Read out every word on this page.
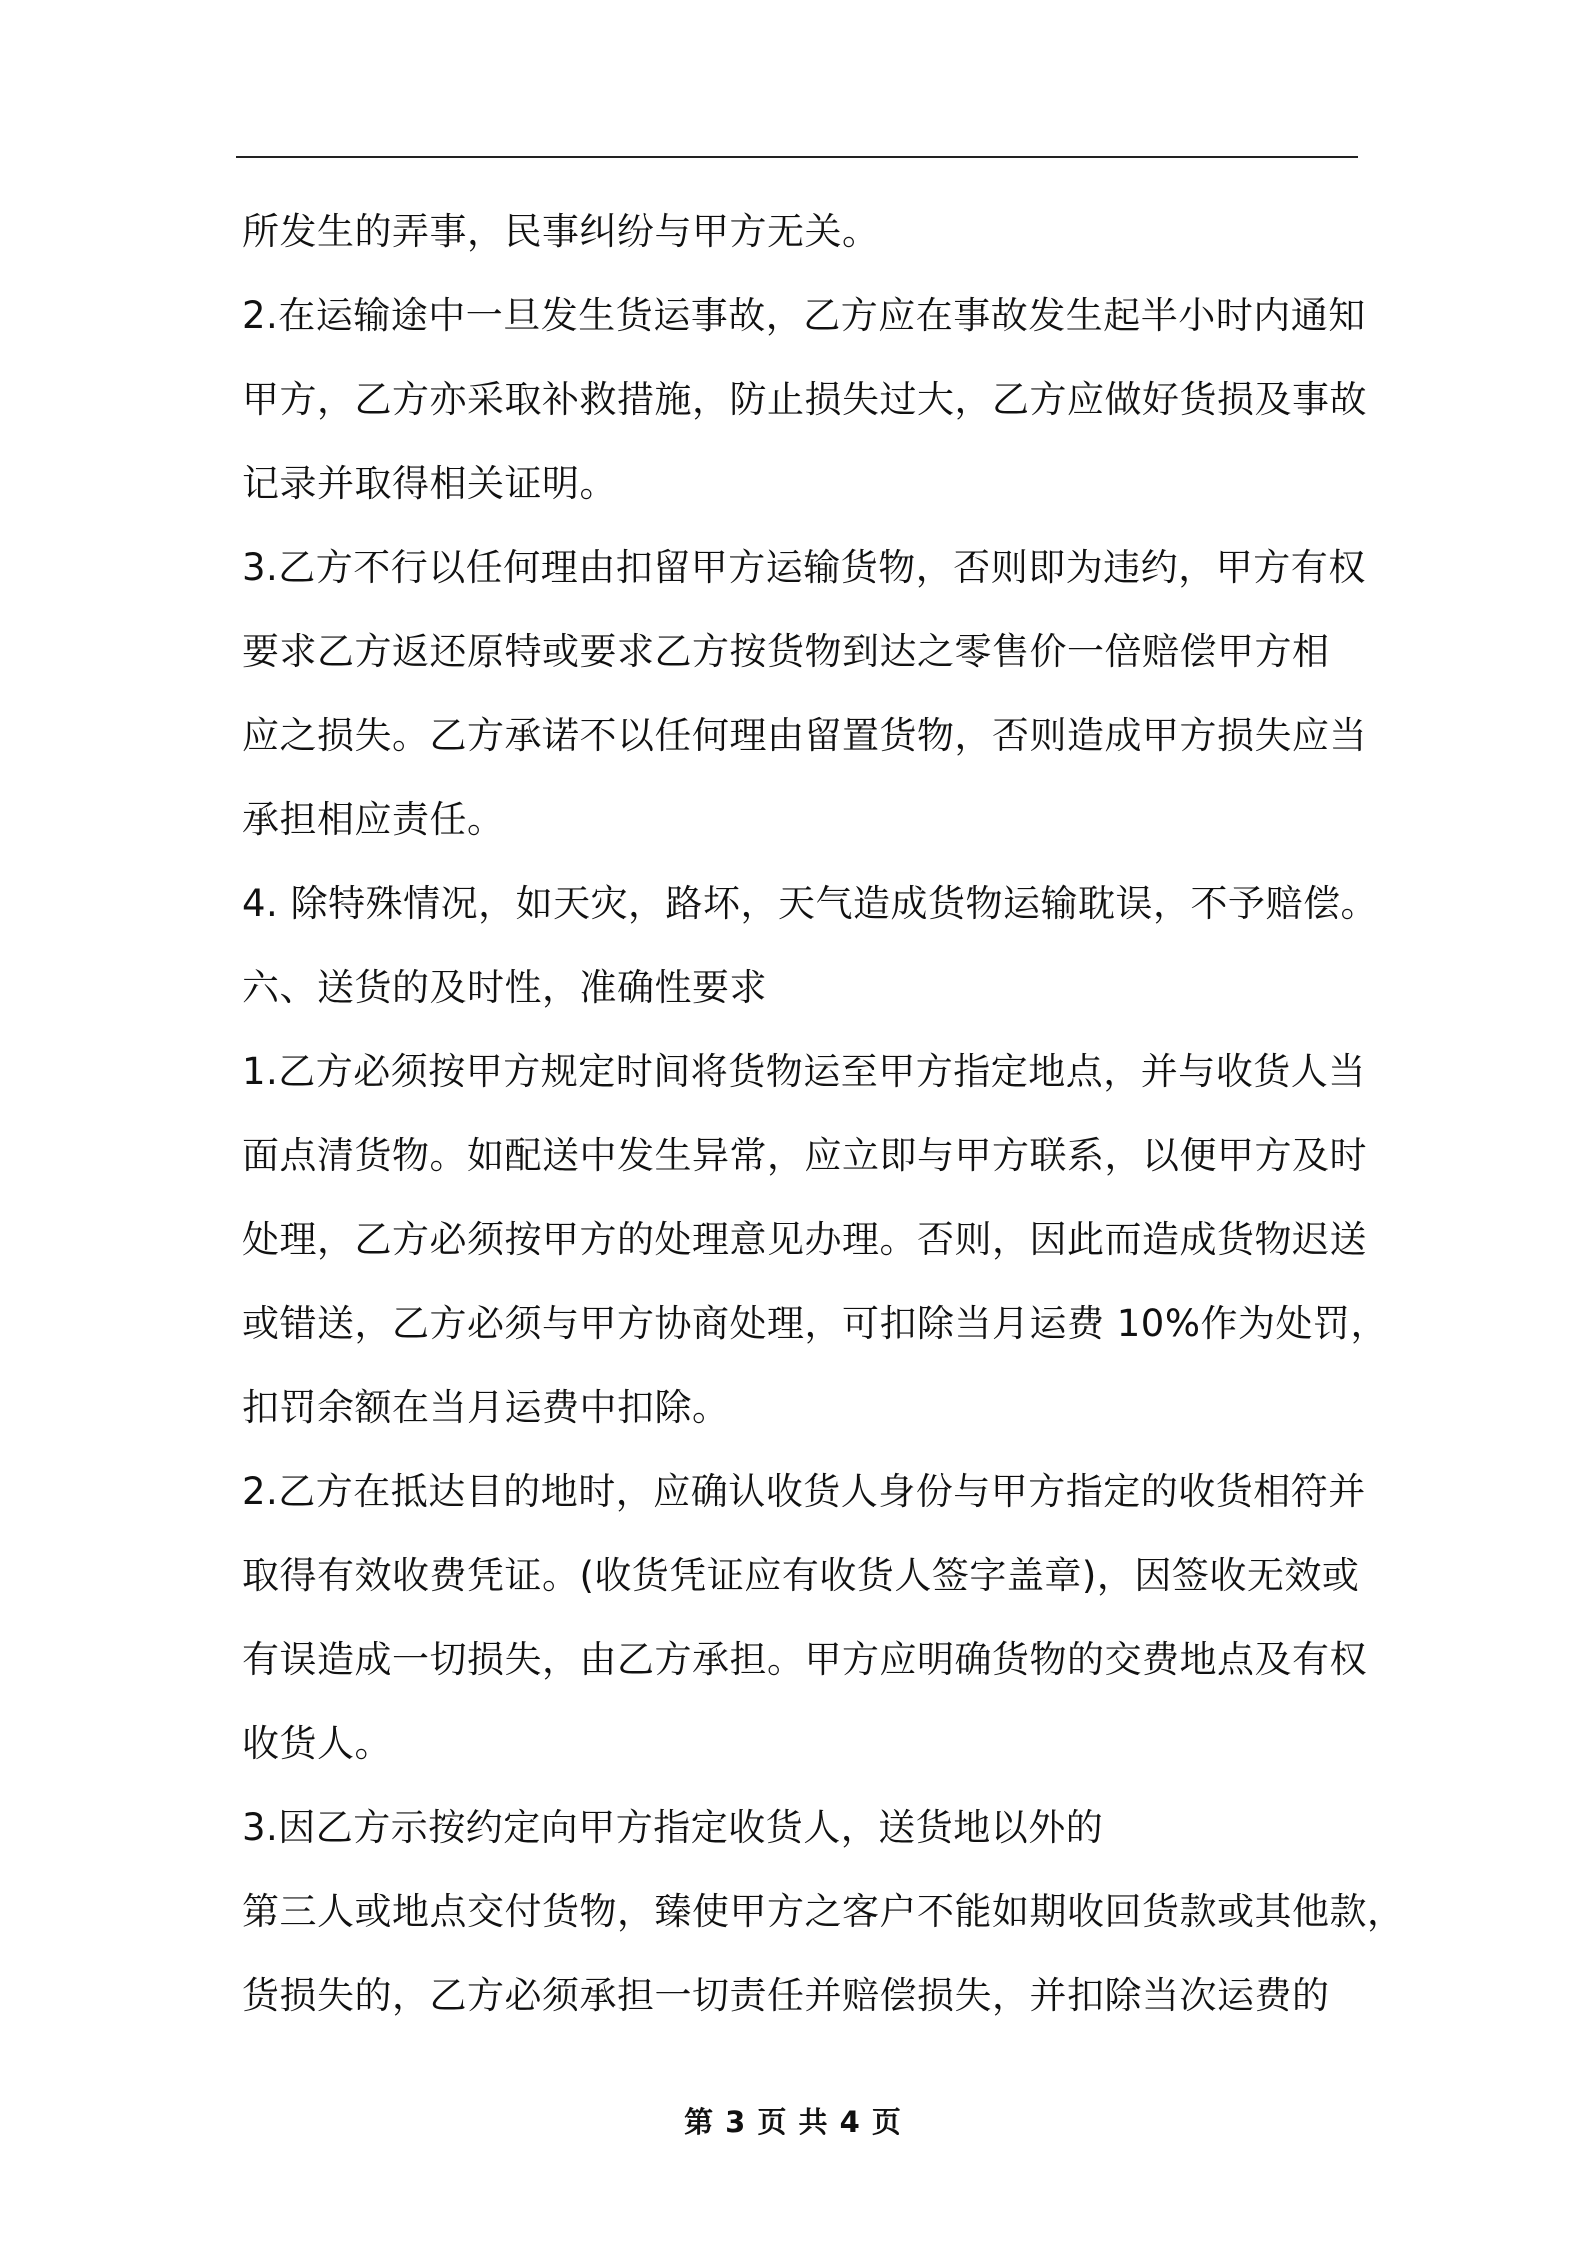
所发生的弄事，民事纠纷与甲方无关。
2.在运输途中一旦发生货运事故，乙方应在事故发生起半小时内通知
甲方，乙方亦采取补救措施，防止损失过大，乙方应做好货损及事故
记录并取得相关证明。
3.乙方不行以任何理由扣留甲方运输货物，否则即为违约，甲方有权
要求乙方返还原特或要求乙方按货物到达之零售价一倍赔偿甲方相
应之损失。乙方承诺不以任何理由留置货物，否则造成甲方损失应当
承担相应责任。
4. 除特殊情况，如天灾，路坏，天气造成货物运输耽误，不予赔偿。
六、送货的及时性，准确性要求
1.乙方必须按甲方规定时间将货物运至甲方指定地点，并与收货人当
面点清货物。如配送中发生异常，应立即与甲方联系，以便甲方及时
处理，乙方必须按甲方的处理意见办理。否则，因此而造成货物迟送
或错送，乙方必须与甲方协商处理，可扣除当月运费 10%作为处罚，
扣罚余额在当月运费中扣除。
2.乙方在抵达目的地时，应确认收货人身份与甲方指定的收货相符并
取得有效收费凭证。(收货凭证应有收货人签字盖章)，因签收无效或
有误造成一切损失，由乙方承担。甲方应明确货物的交费地点及有权
收货人。
3.因乙方示按约定向甲方指定收货人，送货地以外的
第三人或地点交付货物，臻使甲方之客户不能如期收回货款或其他款，
货损失的，乙方必须承担一切责任并赔偿损失，并扣除当次运费的
第 3 页 共 4 页
